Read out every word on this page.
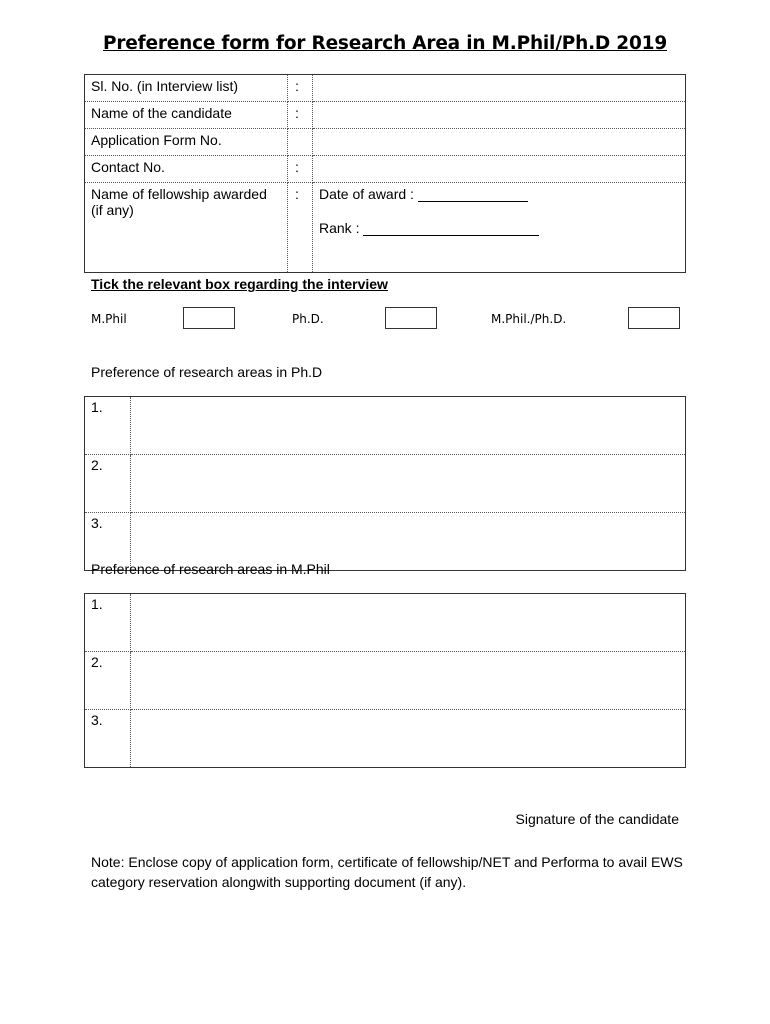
Preference form for Research Area in M.Phil/Ph.D 2019
Sl. No. (in Interview list)	:	
Name of the candidate	:	
Application Form No.		
Contact No.	:	
Name of fellowship awarded (if any)	:	Date of award :
Rank :
Tick the relevant box regarding the interview
M.Phil	Ph.D.	M.Phil./Ph.D.
Preference of research areas in Ph.D
1.	
2.	
3.	
Preference of research areas in M.Phil
1.	
2.	
3.	
Signature of the candidate
Note: Enclose copy of application form, certificate of fellowship/NET and Performa to avail EWS category reservation alongwith supporting document (if any).
